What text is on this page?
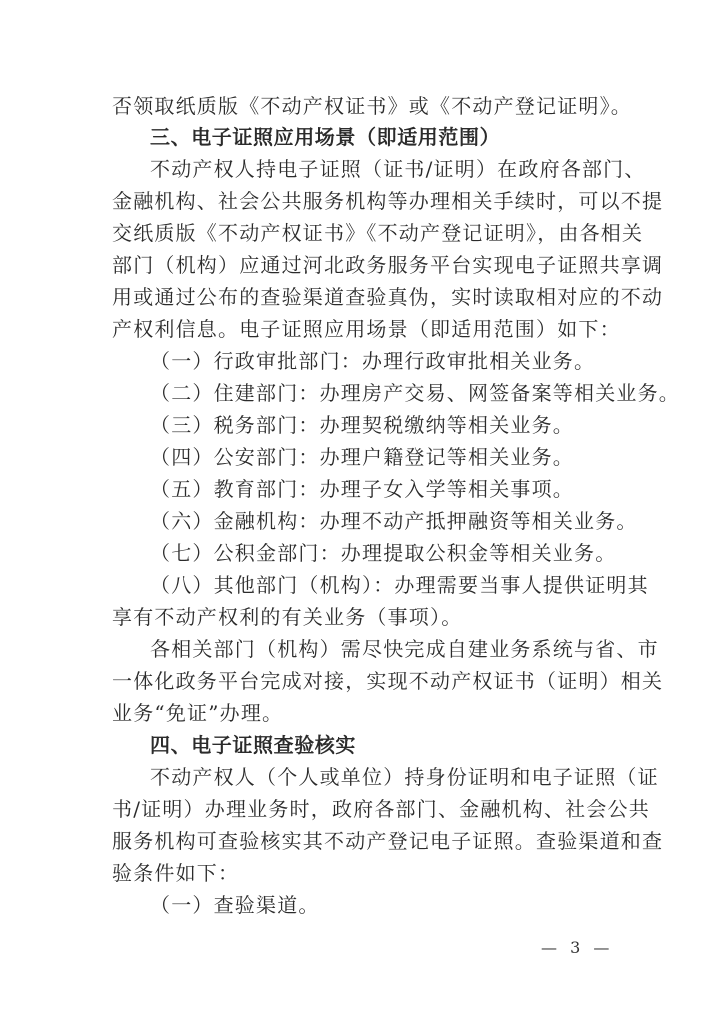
否领取纸质版《不动产权证书》或《不动产登记证明》。
三、电子证照应用场景（即适用范围）
不动产权人持电子证照（证书/证明）在政府各部门、
金融机构、社会公共服务机构等办理相关手续时，可以不提
交纸质版《不动产权证书》《不动产登记证明》，由各相关
部门（机构）应通过河北政务服务平台实现电子证照共享调
用或通过公布的查验渠道查验真伪，实时读取相对应的不动
产权利信息。电子证照应用场景（即适用范围）如下：
（一）行政审批部门：办理行政审批相关业务。
（二）住建部门：办理房产交易、网签备案等相关业务。
（三）税务部门：办理契税缴纳等相关业务。
（四）公安部门：办理户籍登记等相关业务。
（五）教育部门：办理子女入学等相关事项。
（六）金融机构：办理不动产抵押融资等相关业务。
（七）公积金部门：办理提取公积金等相关业务。
（八）其他部门（机构）：办理需要当事人提供证明其
享有不动产权利的有关业务（事项）。
各相关部门（机构）需尽快完成自建业务系统与省、市
一体化政务平台完成对接，实现不动产权证书（证明）相关
业务“免证”办理。
四、电子证照查验核实
不动产权人（个人或单位）持身份证明和电子证照（证
书/证明）办理业务时，政府各部门、金融机构、社会公共
服务机构可查验核实其不动产登记电子证照。查验渠道和查
验条件如下：
（一）查验渠道。
— 3 —
